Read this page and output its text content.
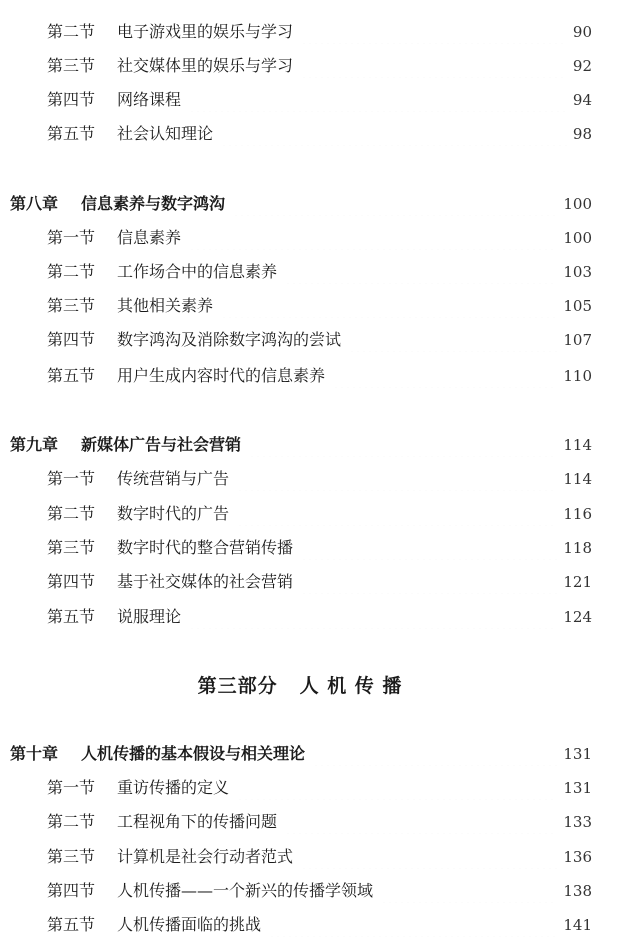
第二节	电子游戏里的娱乐与学习	90
第三节	社交媒体里的娱乐与学习	92
第四节	网络课程	94
第五节	社会认知理论	98
第八章	信息素养与数字鸿沟	100
第一节	信息素养	100
第二节	工作场合中的信息素养	103
第三节	其他相关素养	105
第四节	数字鸿沟及消除数字鸿沟的尝试	107
第五节	用户生成内容时代的信息素养	110
第九章	新媒体广告与社会营销	114
第一节	传统营销与广告	114
第二节	数字时代的广告	116
第三节	数字时代的整合营销传播	118
第四节	基于社交媒体的社会营销	121
第五节	说服理论	124
第三部分 人 机 传 播
第十章	人机传播的基本假设与相关理论	131
第一节	重访传播的定义	131
第二节	工程视角下的传播问题	133
第三节	计算机是社会行动者范式	136
第四节	人机传播——一个新兴的传播学领域	138
第五节	人机传播面临的挑战	141
